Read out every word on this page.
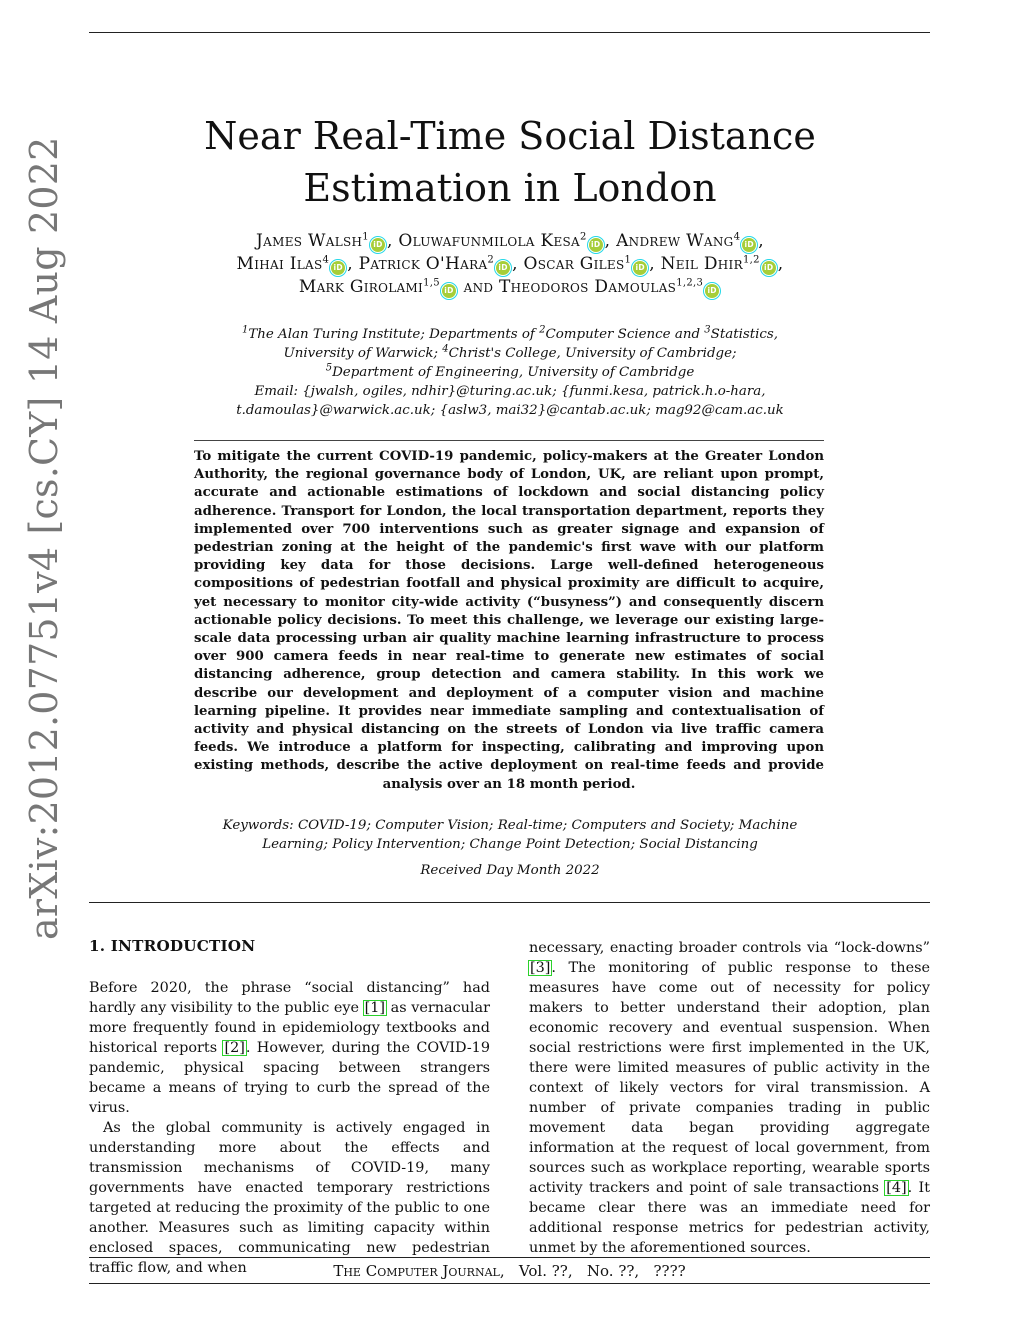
arXiv:2012.07751v4 [cs.CY] 14 Aug 2022
Near Real-Time Social Distance Estimation in London
James Walsh$^1$iD , Oluwafunmilola Kesa$^2$iD , Andrew Wang$^4$iD ,
Mihai Ilas$^4$iD , Patrick O'Hara$^2$iD , Oscar Giles$^1$iD , Neil Dhir$^{1,2}$iD ,
Mark Girolami$^{1,5}$iD and Theodoros Damoulas$^{1,2,3}$iD

$^1$The Alan Turing Institute; Departments of $^2$Computer Science and $^3$Statistics,

University of Warwick; $^4$Christ's College, University of Cambridge;

$^5$Department of Engineering, University of Cambridge

Email: {jwalsh, ogiles, ndhir}@turing.ac.uk; {funmi.kesa, patrick.h.o-hara,

t.damoulas}@warwick.ac.uk; {aslw3, mai32}@cantab.ac.uk; mag92@cam.ac.uk

To mitigate the current COVID-19 pandemic, policy-makers at the Greater London Authority, the regional governance body of London, UK, are reliant upon prompt, accurate and actionable estimations of lockdown and social distancing policy adherence. Transport for London, the local transportation department, reports they implemented over 700 interventions such as greater signage and expansion of pedestrian zoning at the height of the pandemic's first wave with our platform providing key data for those decisions. Large well-defined heterogeneous compositions of pedestrian footfall and physical proximity are difficult to acquire, yet necessary to monitor city-wide activity (“busyness”) and consequently discern actionable policy decisions. To meet this challenge, we leverage our existing large-scale data processing urban air quality machine learning infrastructure to process over 900 camera feeds in near real-time to generate new estimates of social distancing adherence, group detection and camera stability. In this work we describe our development and deployment of a computer vision and machine learning pipeline. It provides near immediate sampling and contextualisation of activity and physical distancing on the streets of London via live traffic camera feeds. We introduce a platform for inspecting, calibrating and improving upon existing methods, describe the active deployment on real-time feeds and provide analysis over an 18 month period.

Keywords: COVID-19; Computer Vision; Real-time; Computers and Society; Machine Learning; Policy Intervention; Change Point Detection; Social Distancing
Received Day Month 2022

1. INTRODUCTION

Before 2020, the phrase “social distancing” had hardly any visibility to the public eye [1] as vernacular more frequently found in epidemiology textbooks and historical reports [2]. However, during the COVID-19 pandemic, physical spacing between strangers became a means of trying to curb the spread of the virus.

As the global community is actively engaged in understanding more about the effects and transmission mechanisms of COVID-19, many governments have enacted temporary restrictions targeted at reducing the proximity of the public to one another. Measures such as limiting capacity within enclosed spaces, communicating new pedestrian traffic flow, and when

necessary, enacting broader controls via “lock-downs” [3]. The monitoring of public response to these measures have come out of necessity for policy makers to better understand their adoption, plan economic recovery and eventual suspension. When social restrictions were first implemented in the UK, there were limited measures of public activity in the context of likely vectors for viral transmission. A number of private companies trading in public movement data began providing aggregate information at the request of local government, from sources such as workplace reporting, wearable sports activity trackers and point of sale transactions [4]. It became clear there was an immediate need for additional response metrics for pedestrian activity, unmet by the aforementioned sources.

The Computer Journal, Vol. ??, No. ??, ????
